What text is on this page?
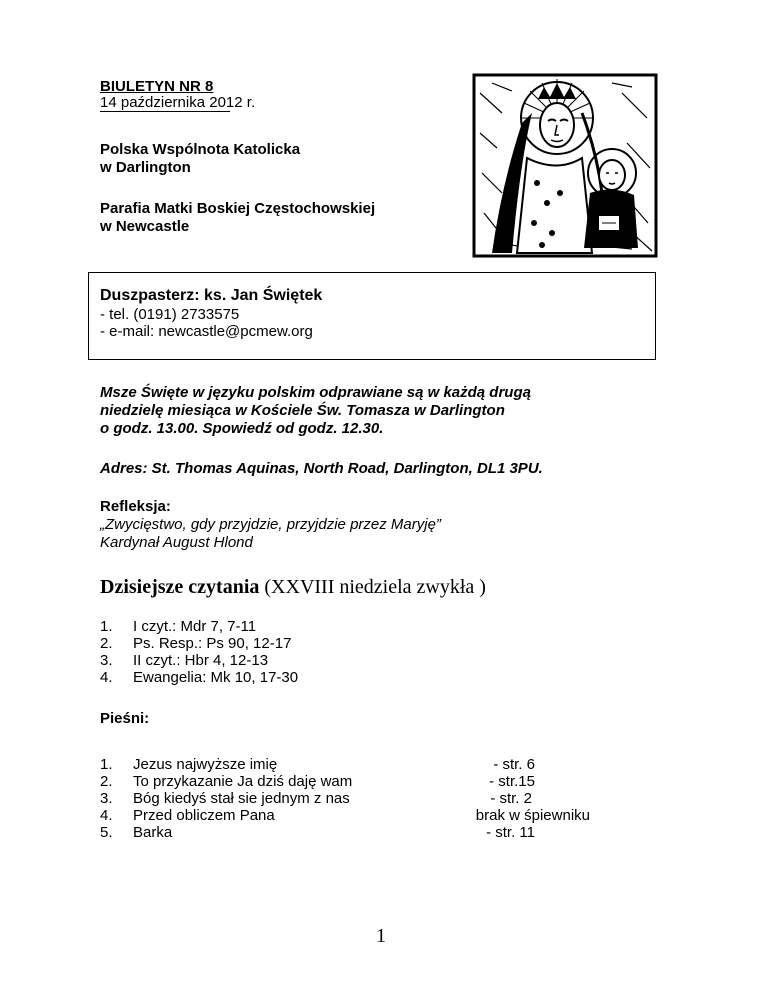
BIULETYN NR 8
14 października 2012 r.
Polska Wspólnota Katolicka
w Darlington
Parafia Matki Boskiej Częstochowskiej
w Newcastle
Duszpasterz: ks. Jan Świętek
- tel. (0191) 2733575
- e-mail: newcastle@pcmew.org
Msze Święte w języku polskim odprawiane są w każdą drugą
niedzielę miesiąca w Kościele Św. Tomasza w Darlington
o godz. 13.00. Spowiedź od godz. 12.30.
Adres: St. Thomas Aquinas, North Road, Darlington, DL1 3PU.
Refleksja:
„Zwycięstwo, gdy przyjdzie, przyjdzie przez Maryję”
Kardynał August Hlond
Dzisiejsze czytania (XXVIII niedziela zwykła )
1.	I czyt.: Mdr 7, 7-11
2.	Ps. Resp.: Ps 90, 12-17
3.	II czyt.: Hbr 4, 12-13
4.	Ewangelia: Mk 10, 17-30
Pieśni:
1.	Jezus najwyższe imię	- str. 6
2.	To przykazanie Ja dziś daję wam	- str.15
3.	Bóg kiedyś stał sie jednym z nas	- str. 2
4.	Przed obliczem Pana	brak w śpiewniku
5.	Barka	- str. 11
1
